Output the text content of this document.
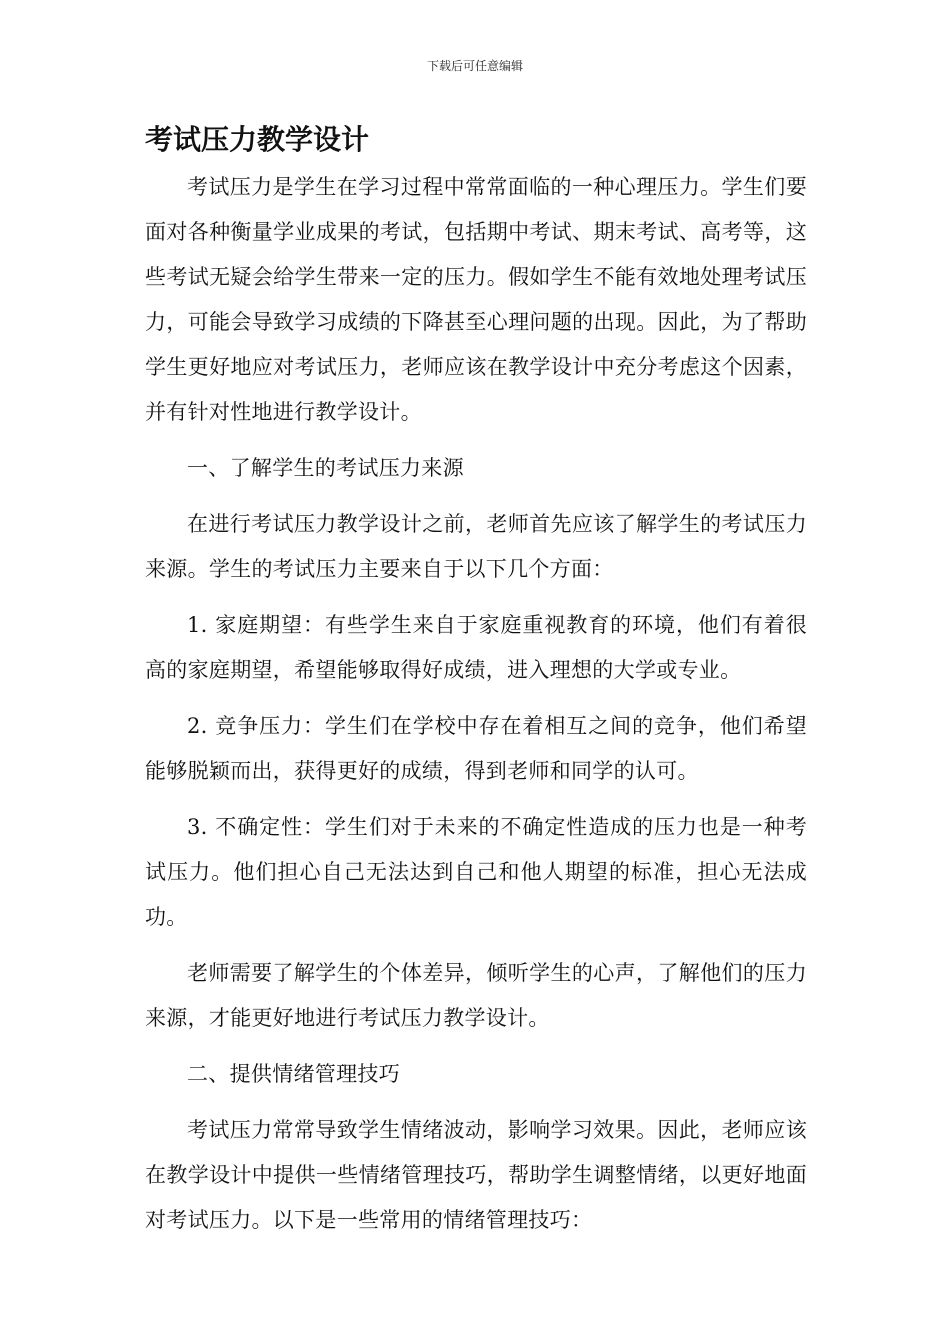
下载后可任意编辑
考试压力教学设计

考试压力是学生在学习过程中常常面临的一种心理压力。学生们要面对各种衡量学业成果的考试，包括期中考试、期末考试、高考等，这些考试无疑会给学生带来一定的压力。假如学生不能有效地处理考试压力，可能会导致学习成绩的下降甚至心理问题的出现。因此，为了帮助学生更好地应对考试压力，老师应该在教学设计中充分考虑这个因素，并有针对性地进行教学设计。

一、了解学生的考试压力来源

在进行考试压力教学设计之前，老师首先应该了解学生的考试压力来源。学生的考试压力主要来自于以下几个方面：

1. 家庭期望：有些学生来自于家庭重视教育的环境，他们有着很高的家庭期望，希望能够取得好成绩，进入理想的大学或专业。

2. 竞争压力：学生们在学校中存在着相互之间的竞争，他们希望能够脱颖而出，获得更好的成绩，得到老师和同学的认可。

3. 不确定性：学生们对于未来的不确定性造成的压力也是一种考试压力。他们担心自己无法达到自己和他人期望的标准，担心无法成功。

老师需要了解学生的个体差异，倾听学生的心声，了解他们的压力来源，才能更好地进行考试压力教学设计。

二、提供情绪管理技巧

考试压力常常导致学生情绪波动，影响学习效果。因此，老师应该在教学设计中提供一些情绪管理技巧，帮助学生调整情绪，以更好地面对考试压力。以下是一些常用的情绪管理技巧：
